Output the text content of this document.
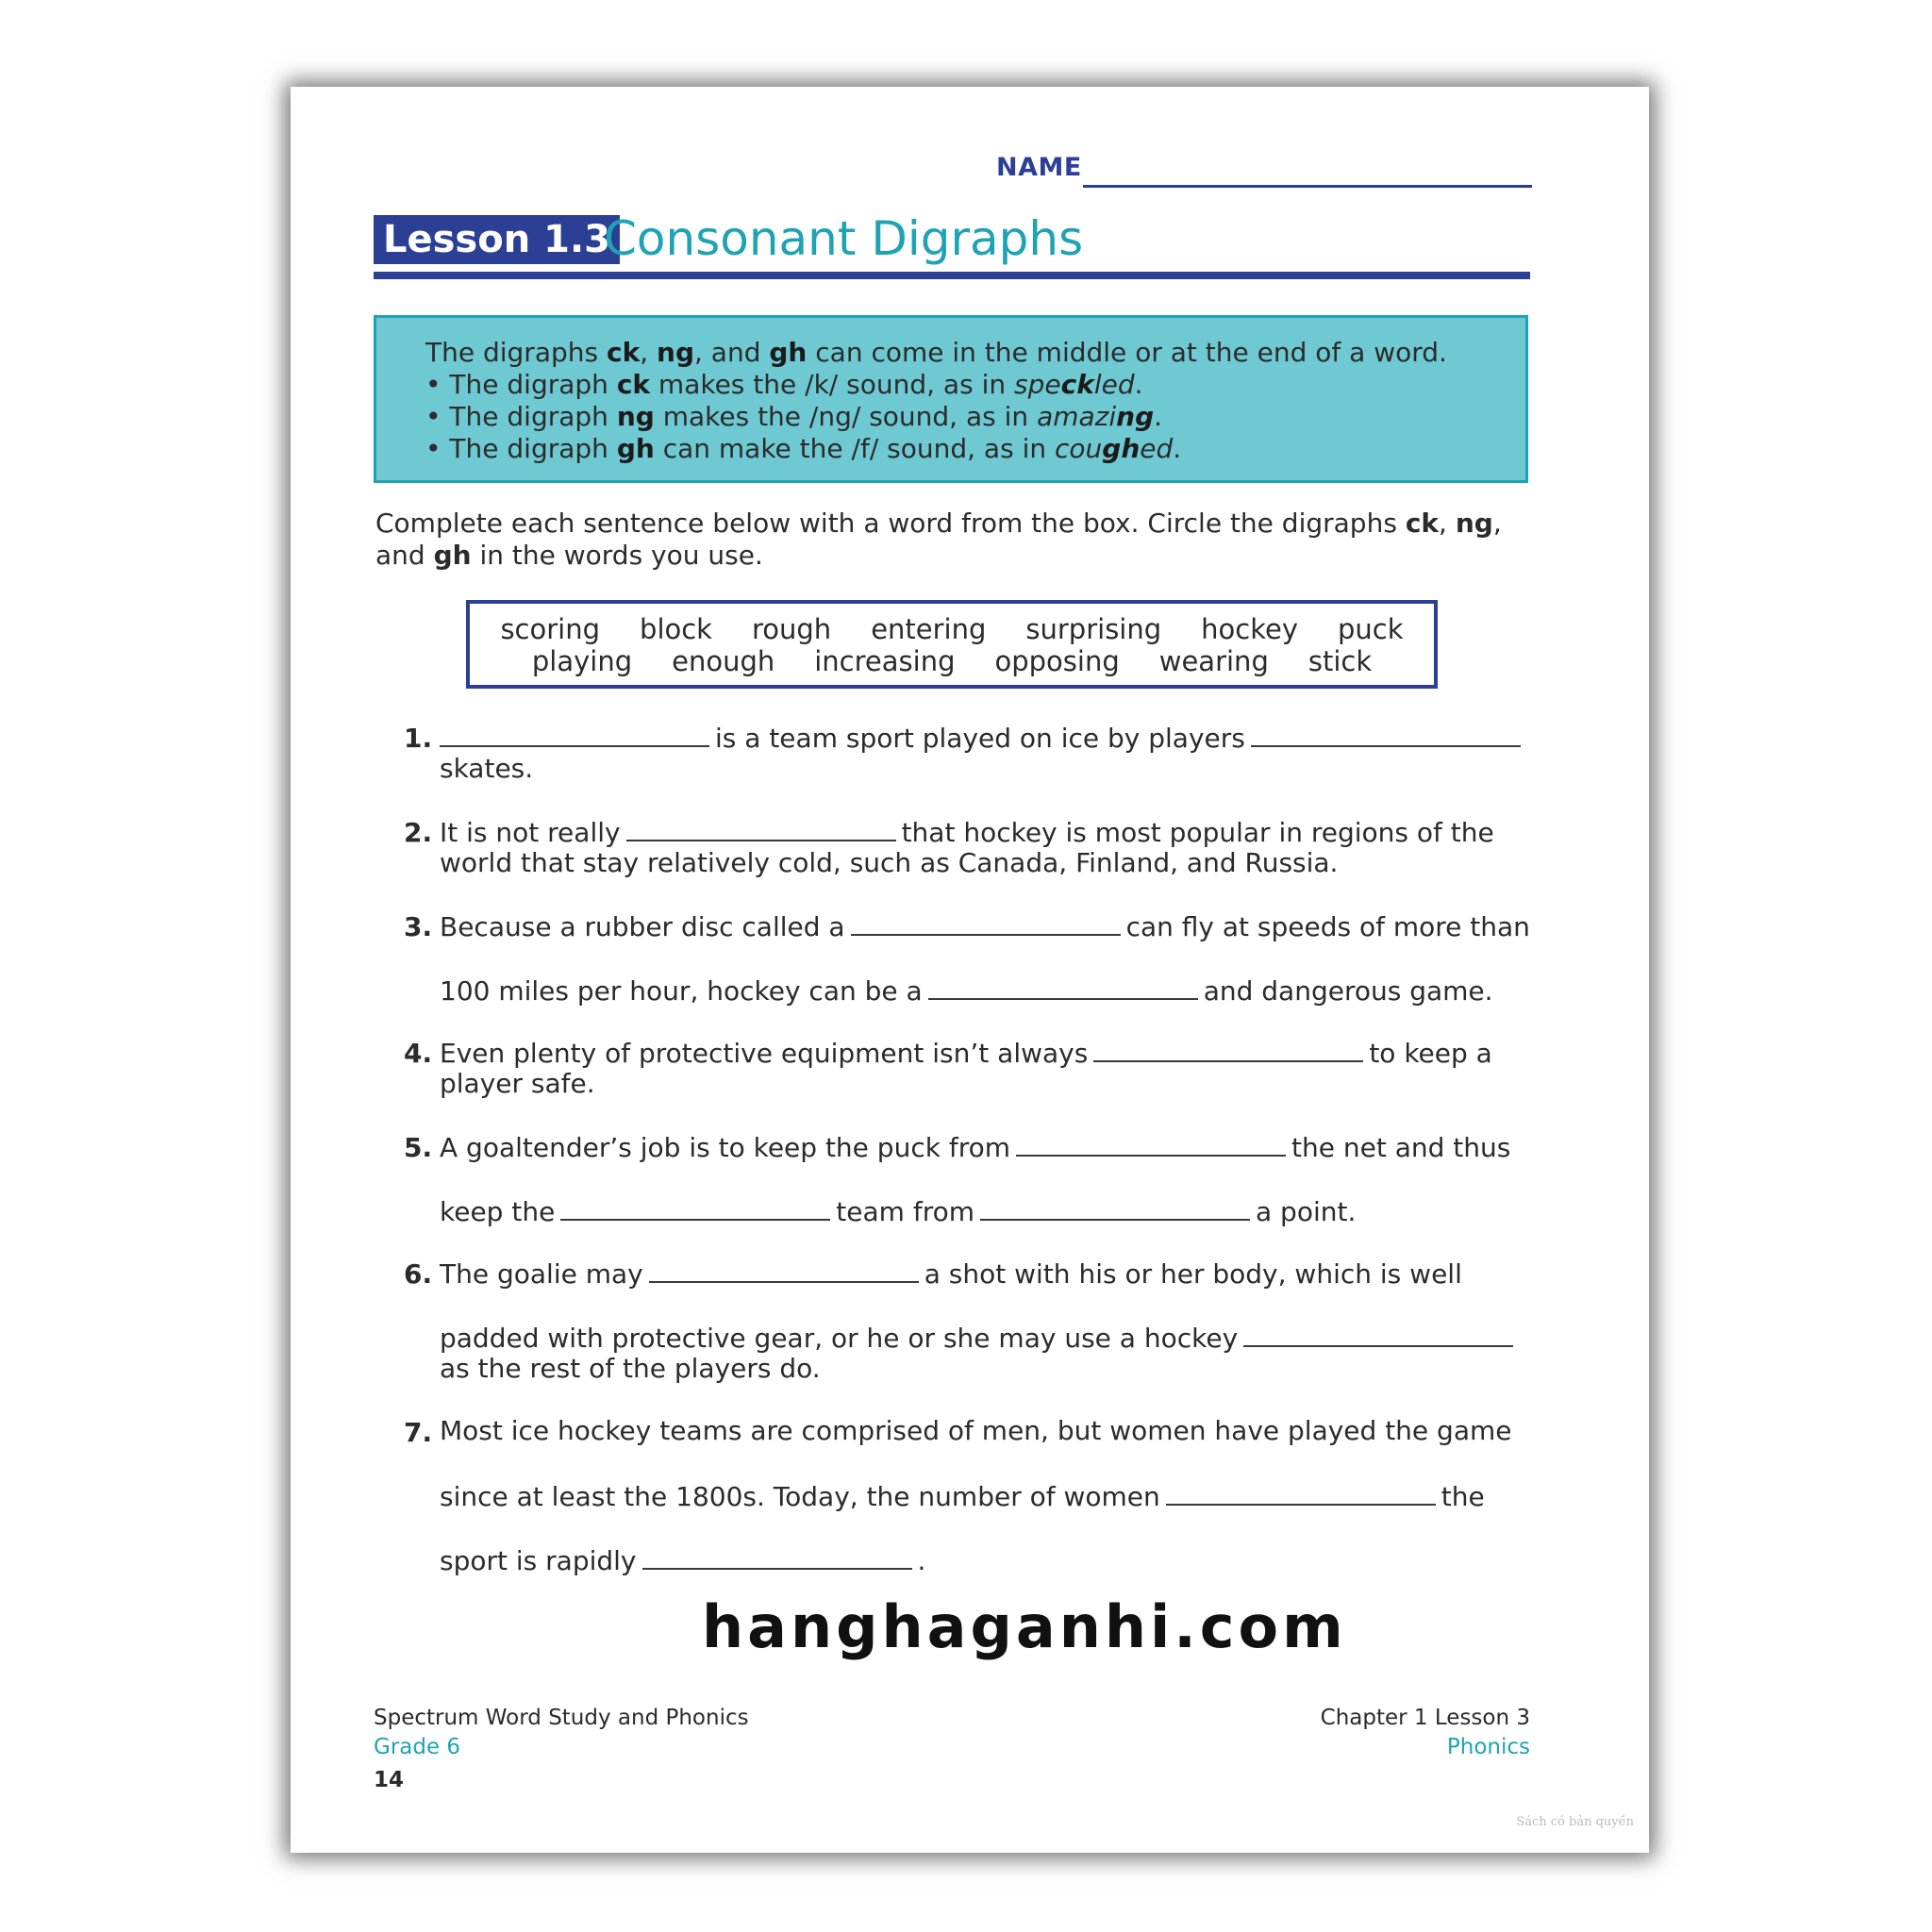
NAME
Lesson 1.3
Consonant Digraphs
The digraphs ck, ng, and gh can come in the middle or at the end of a word.
• The digraph ck makes the /k/ sound, as in speckled.
• The digraph ng makes the /ng/ sound, as in amazing.
• The digraph gh can make the /f/ sound, as in coughed.
Complete each sentence below with a word from the box. Circle the digraphs ck, ng,
and gh in the words you use.
scoring block rough entering surprising hockey puck
playing enough increasing opposing wearing stick
1.	is a team sport played on ice by players
skates.
2. It is not really	that hockey is most popular in regions of the
world that stay relatively cold, such as Canada, Finland, and Russia.
3. Because a rubber disc called a	can fly at speeds of more than
100 miles per hour, hockey can be a	and dangerous game.
4. Even plenty of protective equipment isn’t always	to keep a
player safe.
5. A goaltender’s job is to keep the puck from	the net and thus
keep the	team from	a point.
6. The goalie may	a shot with his or her body, which is well
padded with protective gear, or he or she may use a hockey
as the rest of the players do.
7. Most ice hockey teams are comprised of men, but women have played the game
since at least the 1800s. Today, the number of women	the
sport is rapidly	.
hanghaganhi.com
Spectrum Word Study and Phonics
Grade 6
14
Chapter 1 Lesson 3
Phonics
Sách có bản quyền
